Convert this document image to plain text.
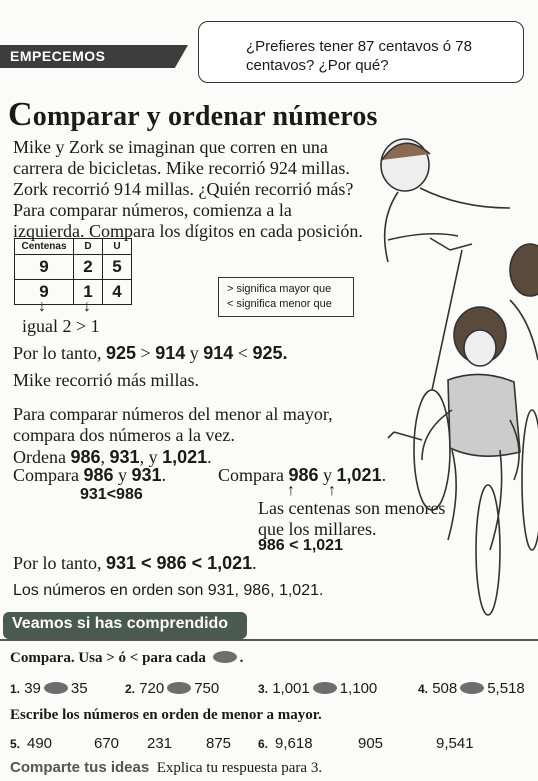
EMPECEMOS
¿Prefieres tener 87 centavos ó 78
centavos? ¿Por qué?
Comparar y ordenar números
Mike y Zork se imaginan que corren en una
carrera de bicicletas. Mike recorrió 924 millas.
Zork recorrió 914 millas. ¿Quién recorrió más?
Para comparar números, comienza a la
izquierda. Compara los dígitos en cada posición.
Centenas	D	U
9	2	5
9	1	4
↓ ↓
igual 2 > 1
> significa mayor que
< significa menor que
Por lo tanto, 925 > 914 y 914 < 925.
Mike recorrió más millas.
Para comparar números del menor al mayor,
compara dos números a la vez.
Ordena 986, 931, y 1,021.
Compara 986 y 931.
931<986
Compara 986 y 1,021.
↑ ↑
Las centenas son menores
que los millares.
986 < 1,021
Por lo tanto, 931 < 986 < 1,021.
Los números en orden son 931, 986, 1,021.
Veamos si has comprendido
Compara. Usa > ó < para cada .
1. 39 35	2. 720 750	3. 1,001 1,100	4. 508 5,518
Escribe los números en orden de menor a mayor.
5. 490	670 231 875 6. 9,618	905	9,541
Comparte tus ideas Explica tu respuesta para 3.
